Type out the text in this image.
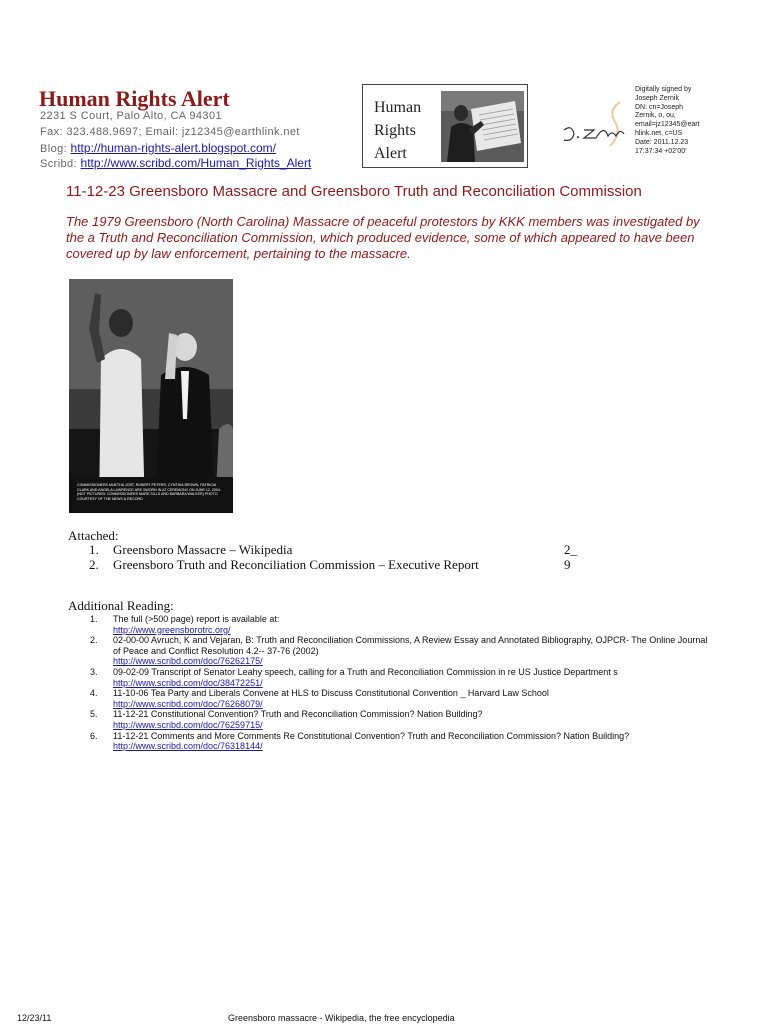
Human Rights Alert
2231 S Court, Palo Alto, CA 94301
Fax: 323.488.9697; Email: jz12345@earthlink.net
Blog: http://human-rights-alert.blogspot.com/
Scribd: http://www.scribd.com/Human_Rights_Alert
Human
Rights
Alert
Digitally signed by
Joseph Zernik
DN: cn=Joseph
Zernik, o, ou,
email=jz12345@eart
hlink.net, c=US
Date: 2011.12.23
17:37:34 +02'00'
11-12-23 Greensboro Massacre and Greensboro Truth and Reconciliation Commission
The 1979 Greensboro (North Carolina) Massacre of peaceful protestors by KKK members was investigated by the a Truth and Reconciliation Commission, which produced evidence, some of which appeared to have been covered up by law enforcement, pertaining to the massacre.
COMMISSIONERS MUKTHA JOST, ROBERT PETERS, CYNTHIA BROWN, PATRICIA CLARK AND ANGELA LAWRENCE ARE SWORN IN AT CEREMONY ON JUNE 12, 2004. (NOT PICTURED: COMMISSIONERS MARK SILLS AND BARBARA WALKER) PHOTO COURTESY OF THE NEWS & RECORD
Attached:
1. Greensboro Massacre – Wikipedia
2. Greensboro Truth and Reconciliation Commission – Executive Report
2_
9
Additional Reading:
1. The full (>500 page) report is available at:
http://www.greensborotrc.org/
2. 02-00-00 Avruch, K and Vejaran, B: Truth and Reconciliation Commissions, A Review Essay and Annotated Bibliography, OJPCR- The Online Journal of Peace and Conflict Resolution 4.2-- 37-76 (2002)
http://www.scribd.com/doc/76262175/
3. 09-02-09 Transcript of Senator Leahy speech, calling for a Truth and Reconciliation Commission in re US Justice Department s
http://www.scribd.com/doc/38472251/
4. 11-10-06 Tea Party and Liberals Convene at HLS to Discuss Constitutional Convention _ Harvard Law School
http://www.scribd.com/doc/76268079/
5. 11-12-21 Constitutional Convention? Truth and Reconciliation Commission? Nation Building?
http://www.scribd.com/doc/76259715/
6. 11-12-21 Comments and More Comments Re Constitutional Convention? Truth and Reconciliation Commission? Nation Building?
http://www.scribd.com/doc/76318144/
12/23/11	Greensboro massacre - Wikipedia, the free encyclopedia
